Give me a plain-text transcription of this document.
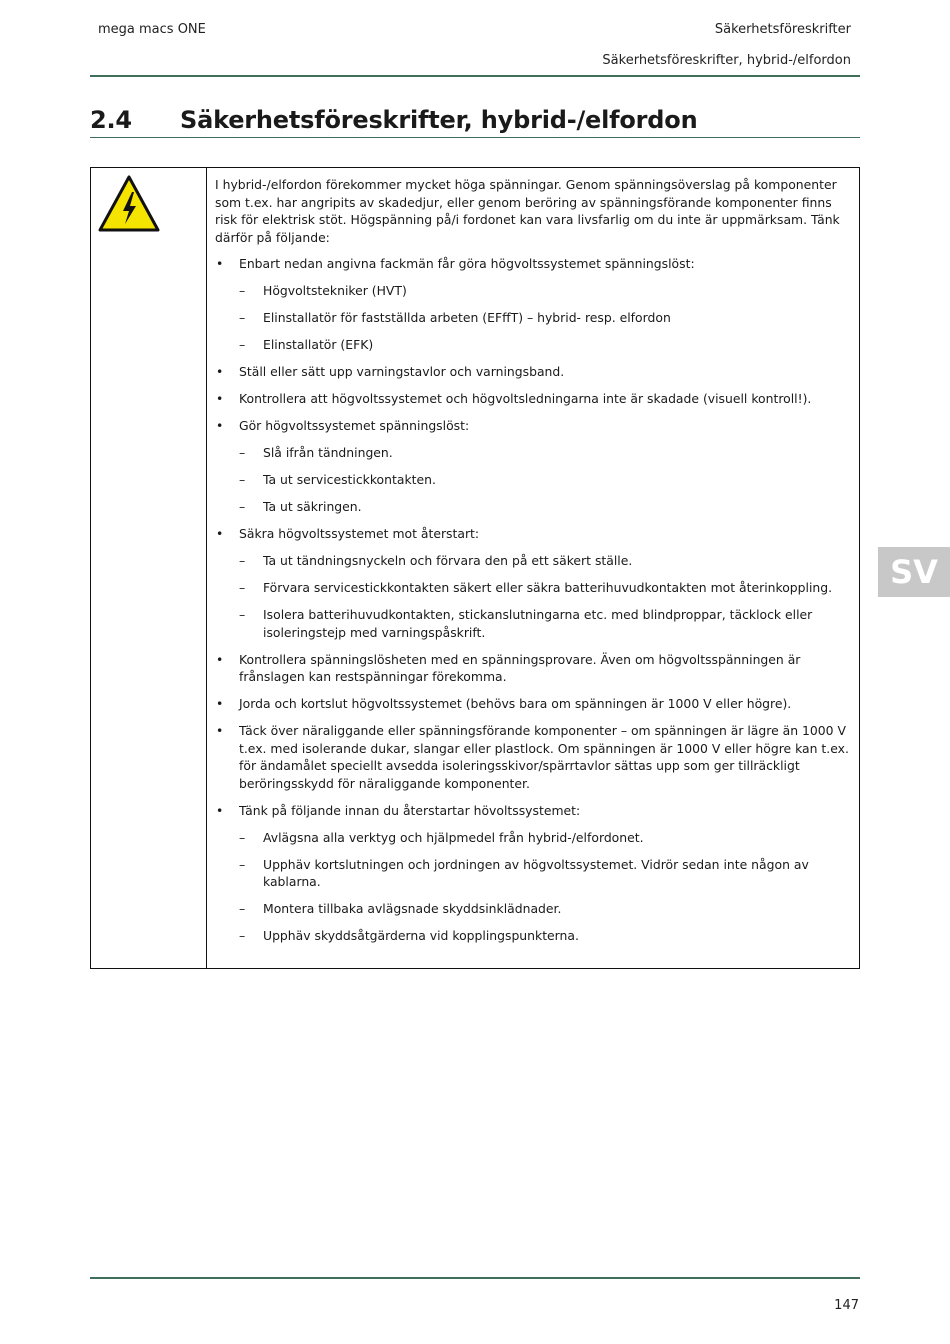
mega macs ONE	Säkerhetsföreskrifter
Säkerhetsföreskrifter, hybrid-/elfordon
2.4 Säkerhetsföreskrifter, hybrid-/elfordon

I hybrid-/elfordon förekommer mycket höga spänningar. Genom spänningsöverslag på komponenter som t.ex. har angripits av skadedjur, eller genom beröring av spänningsförande komponenter finns risk för elektrisk stöt. Högspänning på/i fordonet kan vara livsfarlig om du inte är uppmärksam. Tänk därför på följande:

• Enbart nedan angivna fackmän får göra högvoltssystemet spänningslöst:
– Högvoltstekniker (HVT)
– Elinstallatör för fastställda arbeten (EFffT) – hybrid- resp. elfordon
– Elinstallatör (EFK)
• Ställ eller sätt upp varningstavlor och varningsband.
• Kontrollera att högvoltssystemet och högvoltsledningarna inte är skadade (visuell kontroll!).
• Gör högvoltssystemet spänningslöst:
– Slå ifrån tändningen.
– Ta ut servicestickkontakten.
– Ta ut säkringen.
• Säkra högvoltssystemet mot återstart:
– Ta ut tändningsnyckeln och förvara den på ett säkert ställe.
– Förvara servicestickkontakten säkert eller säkra batterihuvudkontakten mot återinkoppling.
– Isolera batterihuvudkontakten, stickanslutningarna etc. med blindproppar, täcklock eller isoleringstejp med varningspåskrift.
• Kontrollera spänningslösheten med en spänningsprovare. Även om högvoltsspänningen är frånslagen kan restspänningar förekomma.
• Jorda och kortslut högvoltssystemet (behövs bara om spänningen är 1000 V eller högre).
• Täck över näraliggande eller spänningsförande komponenter – om spänningen är lägre än 1000 V t.ex. med isolerande dukar, slangar eller plastlock. Om spänningen är 1000 V eller högre kan t.ex. för ändamålet speciellt avsedda isoleringsskivor/spärrtavlor sättas upp som ger tillräckligt beröringsskydd för näraliggande komponenter.
• Tänk på följande innan du återstartar hövoltssystemet:
– Avlägsna alla verktyg och hjälpmedel från hybrid-/elfordonet.
– Upphäv kortslutningen och jordningen av högvoltssystemet. Vidrör sedan inte någon av kablarna.
– Montera tillbaka avlägsnade skyddsinklädnader.
– Upphäv skyddsåtgärderna vid kopplingspunkterna.
SV
147
